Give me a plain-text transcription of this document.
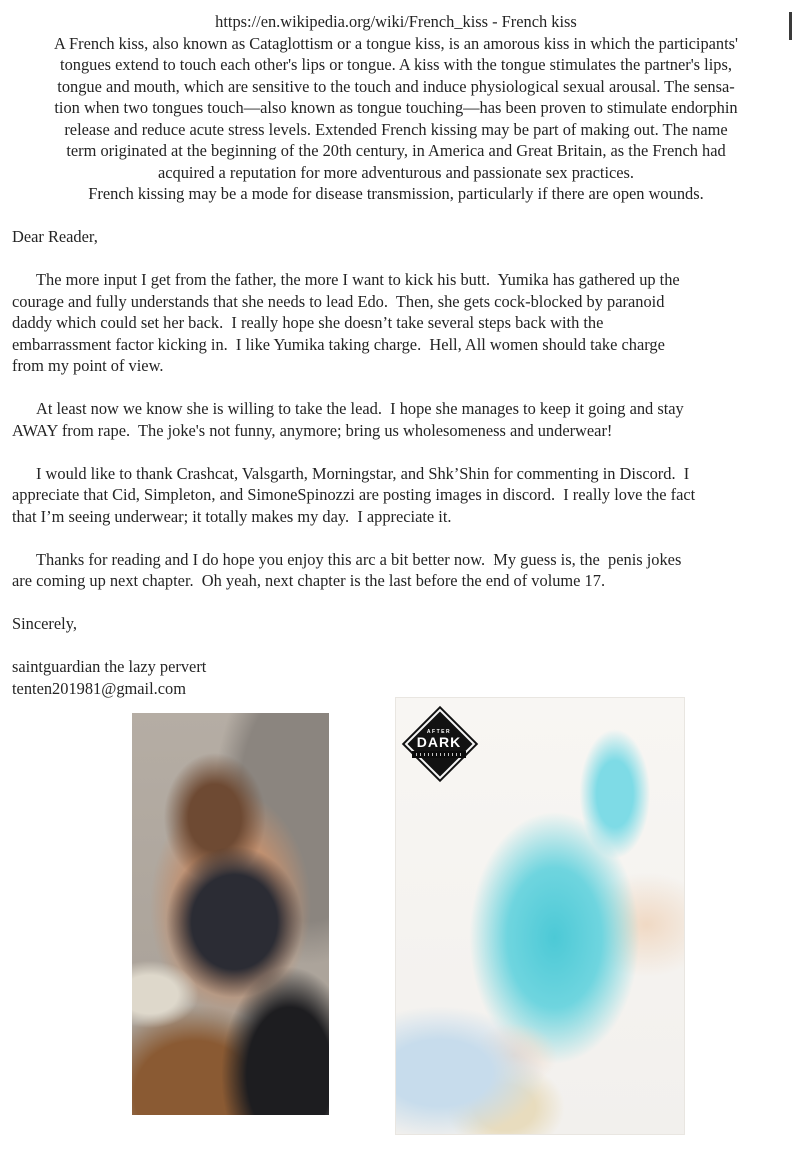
https://en.wikipedia.org/wiki/French_kiss - French kiss
A French kiss, also known as Cataglottism or a tongue kiss, is an amorous kiss in which the participants'
tongues extend to touch each other's lips or tongue. A kiss with the tongue stimulates the partner's lips,
tongue and mouth, which are sensitive to the touch and induce physiological sexual arousal. The sensa-
tion when two tongues touch—also known as tongue touching—has been proven to stimulate endorphin
release and reduce acute stress levels. Extended French kissing may be part of making out. The name
term originated at the beginning of the 20th century, in America and Great Britain, as the French had
acquired a reputation for more adventurous and passionate sex practices.
French kissing may be a mode for disease transmission, particularly if there are open wounds.
Dear Reader,
The more input I get from the father, the more I want to kick his butt.  Yumika has gathered up the
courage and fully understands that she needs to lead Edo.  Then, she gets cock-blocked by paranoid
daddy which could set her back.  I really hope she doesn’t take several steps back with the
embarrassment factor kicking in.  I like Yumika taking charge.  Hell, All women should take charge
from my point of view.
At least now we know she is willing to take the lead.  I hope she manages to keep it going and stay
AWAY from rape.  The joke's not funny, anymore; bring us wholesomeness and underwear!
I would like to thank Crashcat, Valsgarth, Morningstar, and Shk’Shin for commenting in Discord.  I
appreciate that Cid, Simpleton, and SimoneSpinozzi are posting images in discord.  I really love the fact
that I’m seeing underwear; it totally makes my day.  I appreciate it.
Thanks for reading and I do hope you enjoy this arc a bit better now.  My guess is, the  penis jokes
are coming up next chapter.  Oh yeah, next chapter is the last before the end of volume 17.
Sincerely,
saintguardian the lazy pervert
tenten201981@gmail.com
AFTER
DARK
